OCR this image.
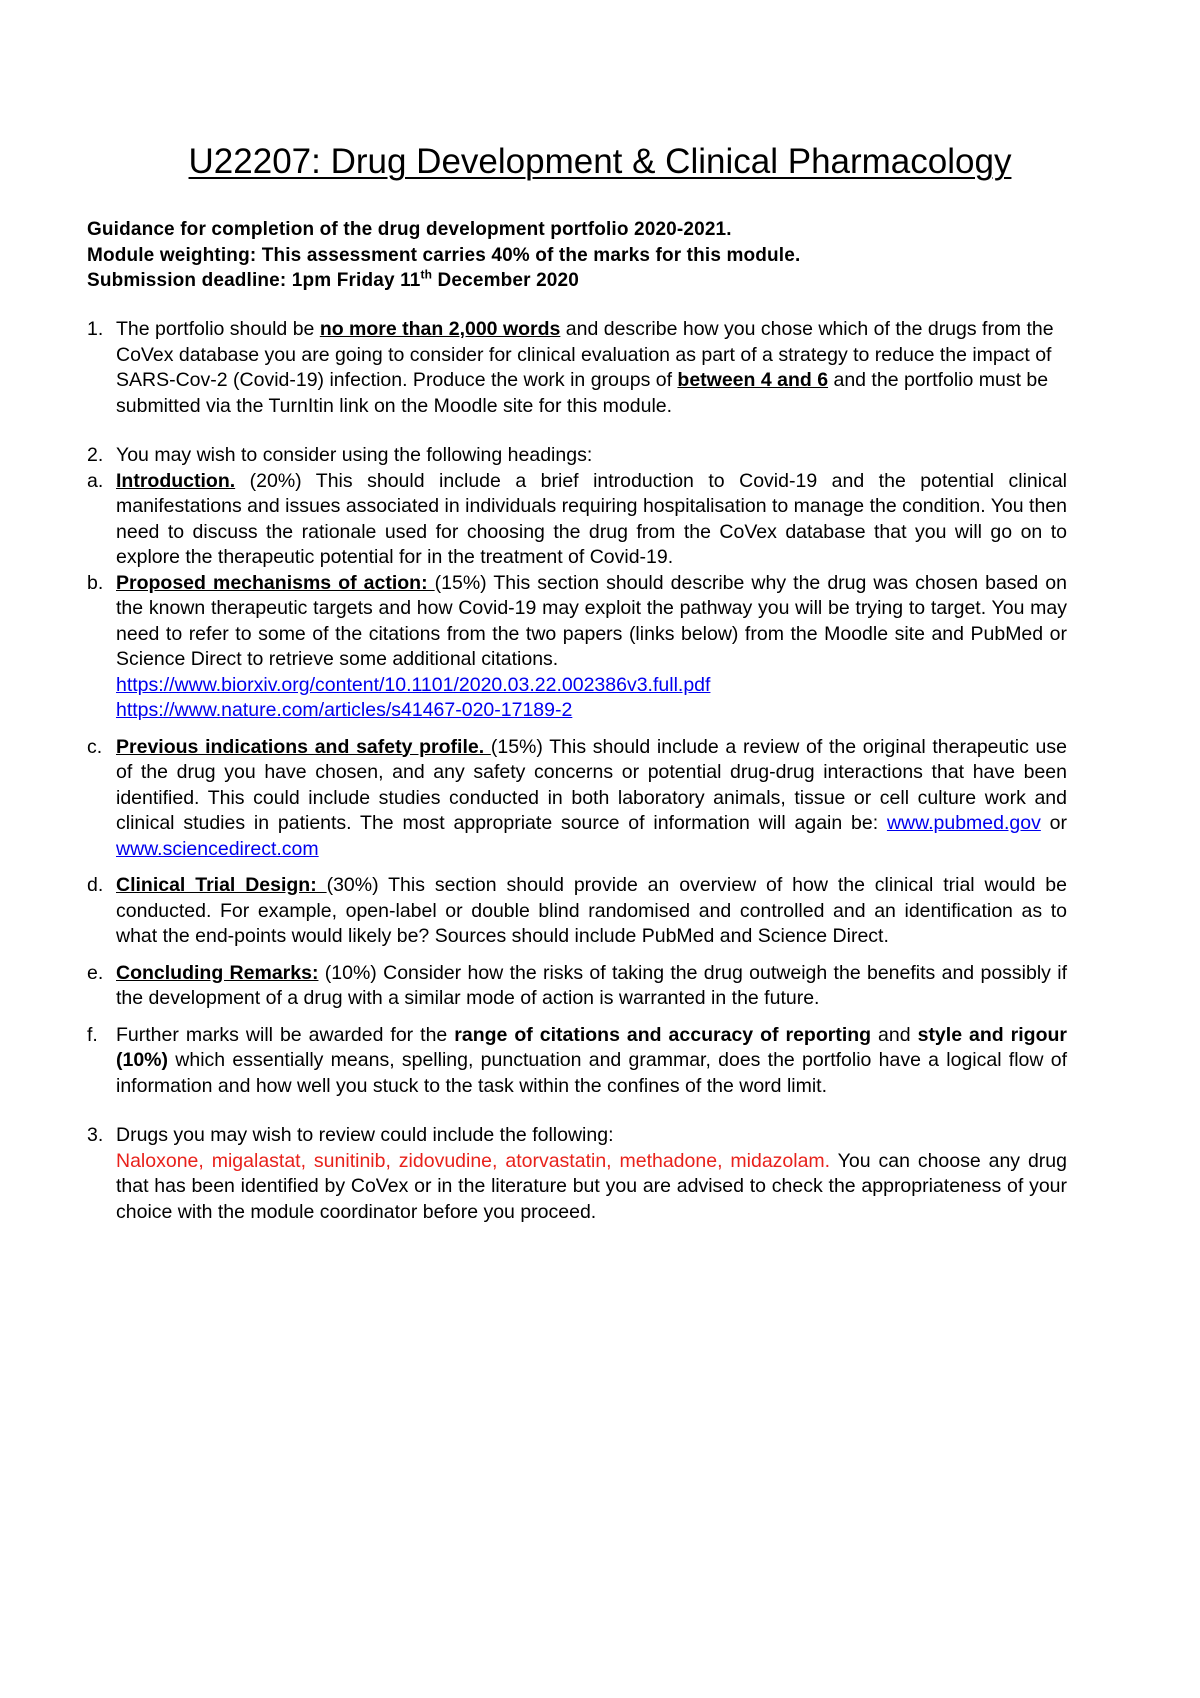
U22207: Drug Development & Clinical Pharmacology
Guidance for completion of the drug development portfolio 2020-2021.
Module weighting: This assessment carries 40% of the marks for this module.
Submission deadline: 1pm Friday 11th December 2020
1. The portfolio should be no more than 2,000 words and describe how you chose which of the drugs from the CoVex database you are going to consider for clinical evaluation as part of a strategy to reduce the impact of SARS-Cov-2 (Covid-19) infection. Produce the work in groups of between 4 and 6 and the portfolio must be submitted via the TurnItin link on the Moodle site for this module.
2. You may wish to consider using the following headings:
a. Introduction. (20%) This should include a brief introduction to Covid-19 and the potential clinical manifestations and issues associated in individuals requiring hospitalisation to manage the condition. You then need to discuss the rationale used for choosing the drug from the CoVex database that you will go on to explore the therapeutic potential for in the treatment of Covid-19.
b. Proposed mechanisms of action: (15%) This section should describe why the drug was chosen based on the known therapeutic targets and how Covid-19 may exploit the pathway you will be trying to target. You may need to refer to some of the citations from the two papers (links below) from the Moodle site and PubMed or Science Direct to retrieve some additional citations.
https://www.biorxiv.org/content/10.1101/2020.03.22.002386v3.full.pdf
https://www.nature.com/articles/s41467-020-17189-2
c. Previous indications and safety profile. (15%) This should include a review of the original therapeutic use of the drug you have chosen, and any safety concerns or potential drug-drug interactions that have been identified. This could include studies conducted in both laboratory animals, tissue or cell culture work and clinical studies in patients. The most appropriate source of information will again be: www.pubmed.gov or www.sciencedirect.com
d. Clinical Trial Design: (30%) This section should provide an overview of how the clinical trial would be conducted. For example, open-label or double blind randomised and controlled and an identification as to what the end-points would likely be? Sources should include PubMed and Science Direct.
e. Concluding Remarks: (10%) Consider how the risks of taking the drug outweigh the benefits and possibly if the development of a drug with a similar mode of action is warranted in the future.
f. Further marks will be awarded for the range of citations and accuracy of reporting and style and rigour (10%) which essentially means, spelling, punctuation and grammar, does the portfolio have a logical flow of information and how well you stuck to the task within the confines of the word limit.
3. Drugs you may wish to review could include the following:
Naloxone, migalastat, sunitinib, zidovudine, atorvastatin, methadone, midazolam. You can choose any drug that has been identified by CoVex or in the literature but you are advised to check the appropriateness of your choice with the module coordinator before you proceed.
